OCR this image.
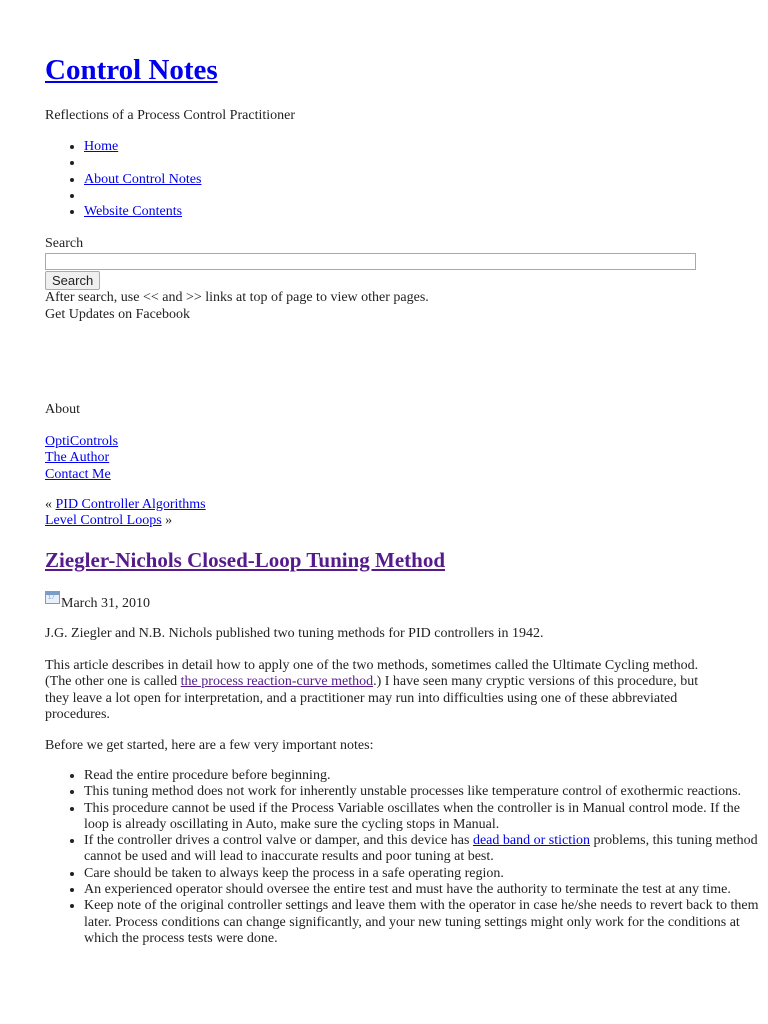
Control Notes
Reflections of a Process Control Practitioner
• Home
•
• About Control Notes
•
• Website Contents
Search
Search
After search, use << and >> links at top of page to view other pages.
Get Updates on Facebook
About
OptiControls
The Author
Contact Me
« PID Controller Algorithms
Level Control Loops »
Ziegler-Nichols Closed-Loop Tuning Method
17 March 31, 2010

J.G. Ziegler and N.B. Nichols published two tuning methods for PID controllers in 1942.

This article describes in detail how to apply one of the two methods, sometimes called the Ultimate Cycling method. (The other one is called the process reaction-curve method.) I have seen many cryptic versions of this procedure, but they leave a lot open for interpretation, and a practitioner may run into difficulties using one of these abbreviated procedures.

Before we get started, here are a few very important notes:

• Read the entire procedure before beginning.
• This tuning method does not work for inherently unstable processes like temperature control of exothermic reactions.
• This procedure cannot be used if the Process Variable oscillates when the controller is in Manual control mode. If the loop is already oscillating in Auto, make sure the cycling stops in Manual.
• If the controller drives a control valve or damper, and this device has dead band or stiction problems, this tuning method cannot be used and will lead to inaccurate results and poor tuning at best.
• Care should be taken to always keep the process in a safe operating region.
• An experienced operator should oversee the entire test and must have the authority to terminate the test at any time.
• Keep note of the original controller settings and leave them with the operator in case he/she needs to revert back to them later. Process conditions can change significantly, and your new tuning settings might only work for the conditions at which the process tests were done.
